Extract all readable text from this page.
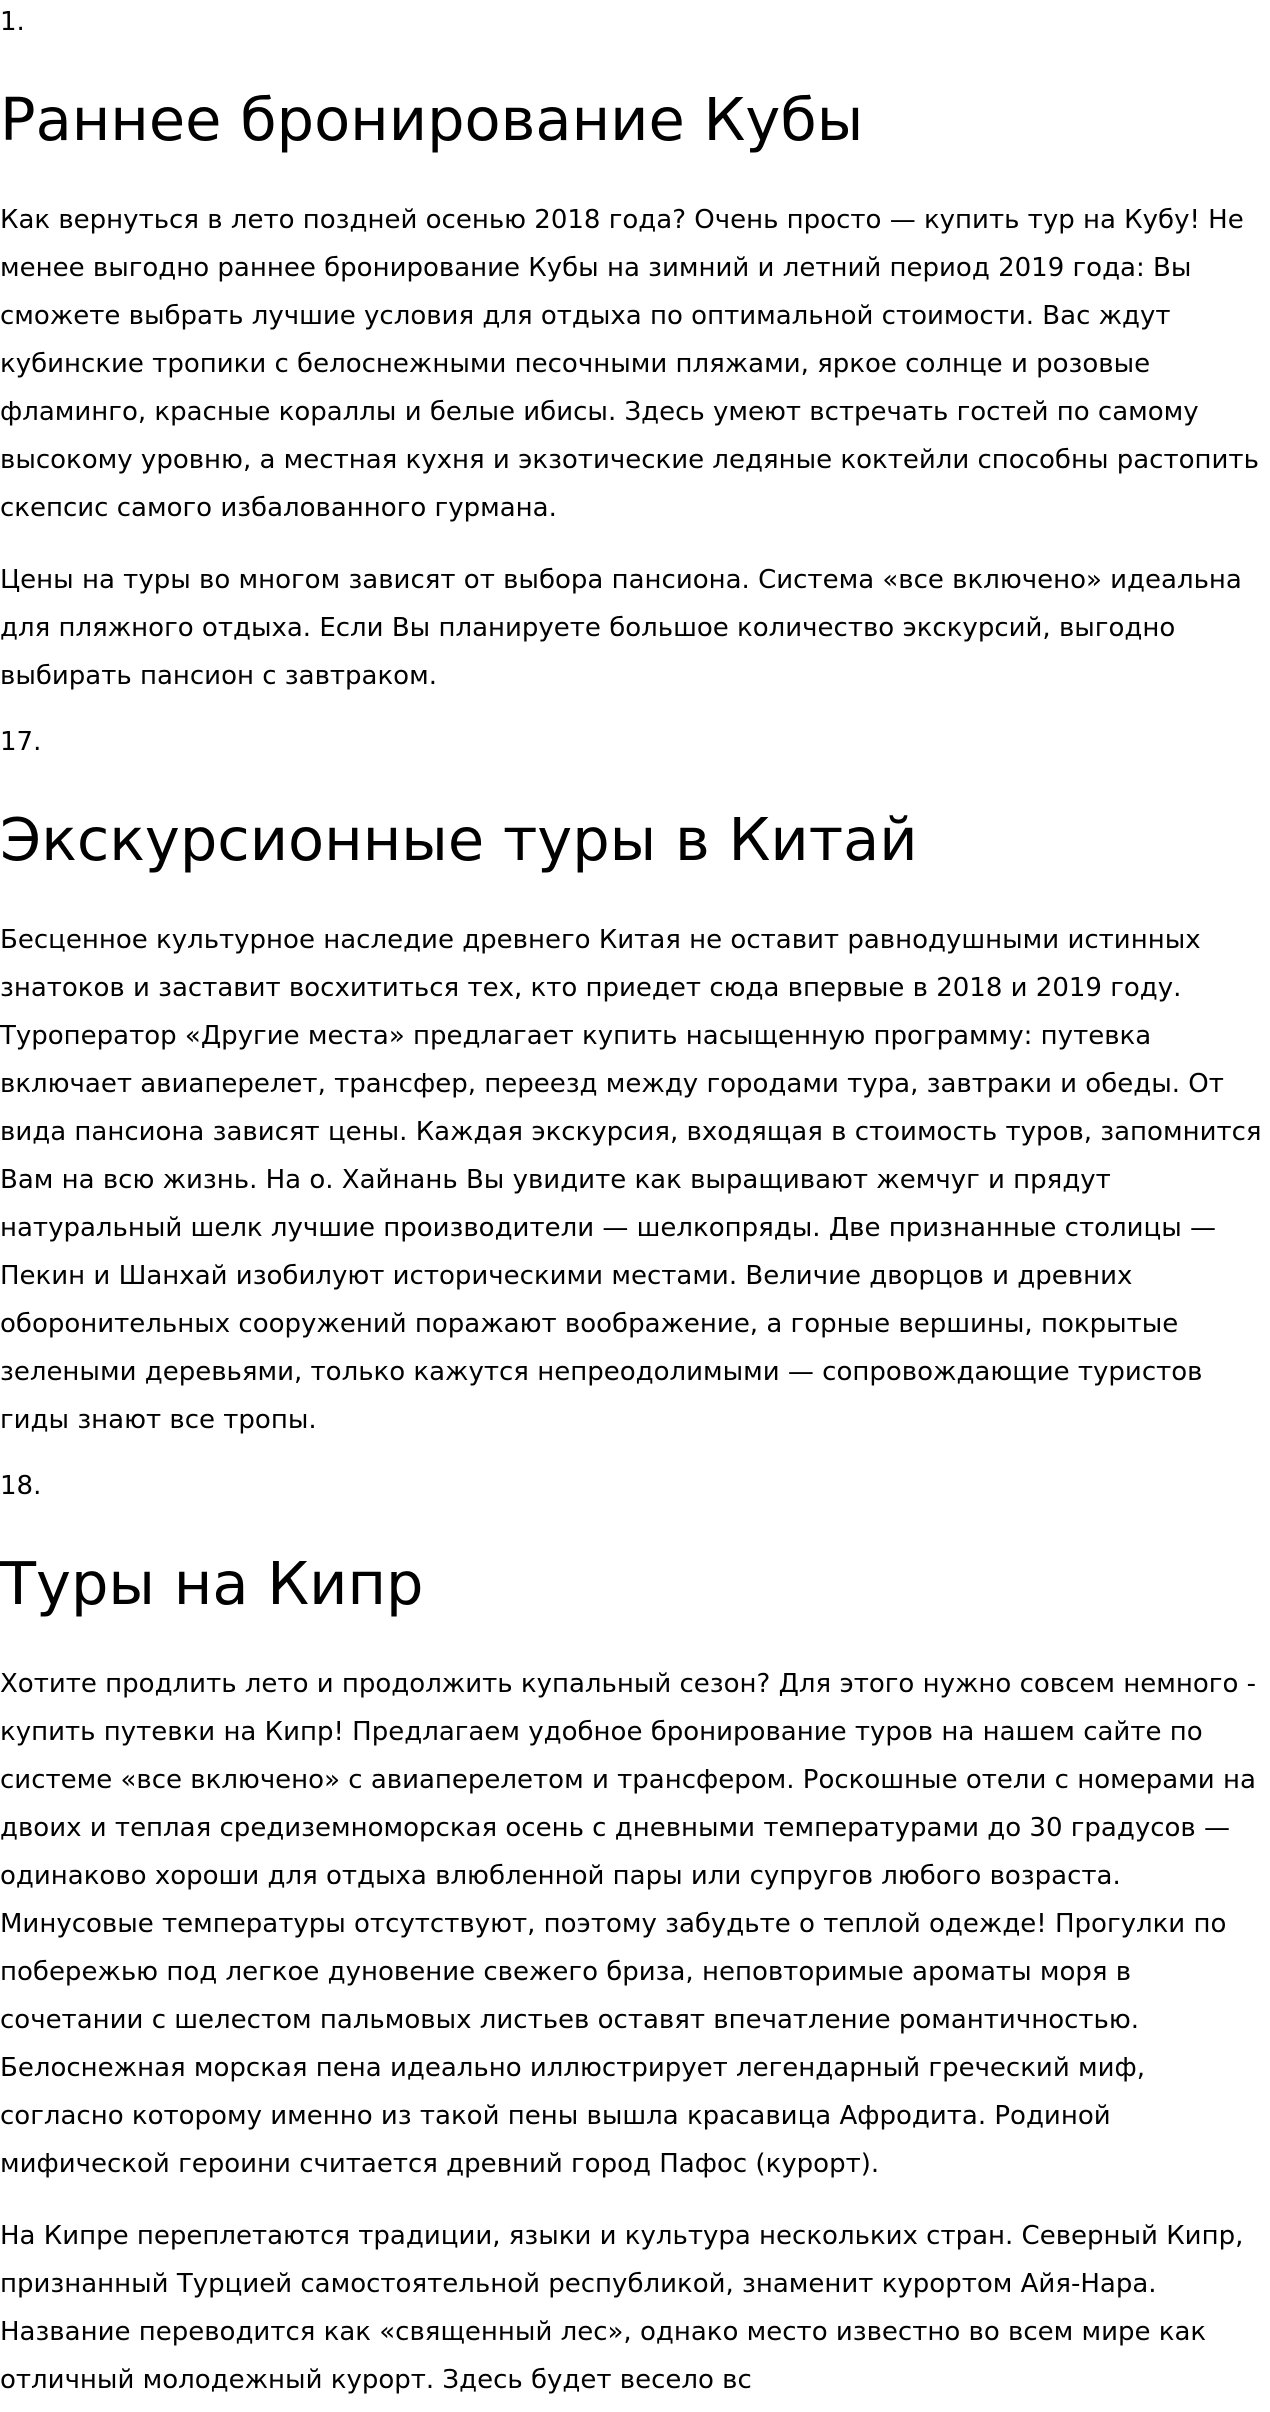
1.
Раннее бронирование Кубы

Как вернуться в лето поздней осенью 2018 года? Очень просто — купить тур на Кубу! Не менее выгодно раннее бронирование Кубы на зимний и летний период 2019 года: Вы сможете выбрать лучшие условия для отдыха по оптимальной стоимости. Вас ждут кубинские тропики с белоснежными песочными пляжами, яркое солнце и розовые фламинго, красные кораллы и белые ибисы. Здесь умеют встречать гостей по самому высокому уровню, а местная кухня и экзотические ледяные коктейли способны растопить скепсис самого избалованного гурмана.

Цены на туры во многом зависят от выбора пансиона. Система «все включено» идеальна для пляжного отдыха. Если Вы планируете большое количество экскурсий, выгодно выбирать пансион с завтраком.

17.
Экскурсионные туры в Китай

Бесценное культурное наследие древнего Китая не оставит равнодушными истинных знатоков и заставит восхититься тех, кто приедет сюда впервые в 2018 и 2019 году. Туроператор «Другие места» предлагает купить насыщенную программу: путевка включает авиаперелет, трансфер, переезд между городами тура, завтраки и обеды. От вида пансиона зависят цены. Каждая экскурсия, входящая в стоимость туров, запомнится Вам на всю жизнь. На о. Хайнань Вы увидите как выращивают жемчуг и прядут натуральный шелк лучшие производители — шелкопряды. Две признанные столицы — Пекин и Шанхай изобилуют историческими местами. Величие дворцов и древних оборонительных сооружений поражают воображение, а горные вершины, покрытые зелеными деревьями, только кажутся непреодолимыми — сопровождающие туристов гиды знают все тропы.

18.
Туры на Кипр

Хотите продлить лето и продолжить купальный сезон? Для этого нужно совсем немного - купить путевки на Кипр! Предлагаем удобное бронирование туров на нашем сайте по системе «все включено» с авиаперелетом и трансфером. Роскошные отели с номерами на двоих и теплая средиземноморская осень с дневными температурами до 30 градусов — одинаково хороши для отдыха влюбленной пары или супругов любого возраста. Минусовые температуры отсутствуют, поэтому забудьте о теплой одежде! Прогулки по побережью под легкое дуновение свежего бриза, неповторимые ароматы моря в сочетании с шелестом пальмовых листьев оставят впечатление романтичностью. Белоснежная морская пена идеально иллюстрирует легендарный греческий миф, согласно которому именно из такой пены вышла красавица Афродита. Родиной мифической героини считается древний город Пафос (курорт).

На Кипре переплетаются традиции, языки и культура нескольких стран. Северный Кипр, признанный Турцией самостоятельной республикой, знаменит курортом Айя-Нара. Название переводится как «священный лес», однако место известно во всем мире как отличный молодежный курорт. Здесь будет весело вс
